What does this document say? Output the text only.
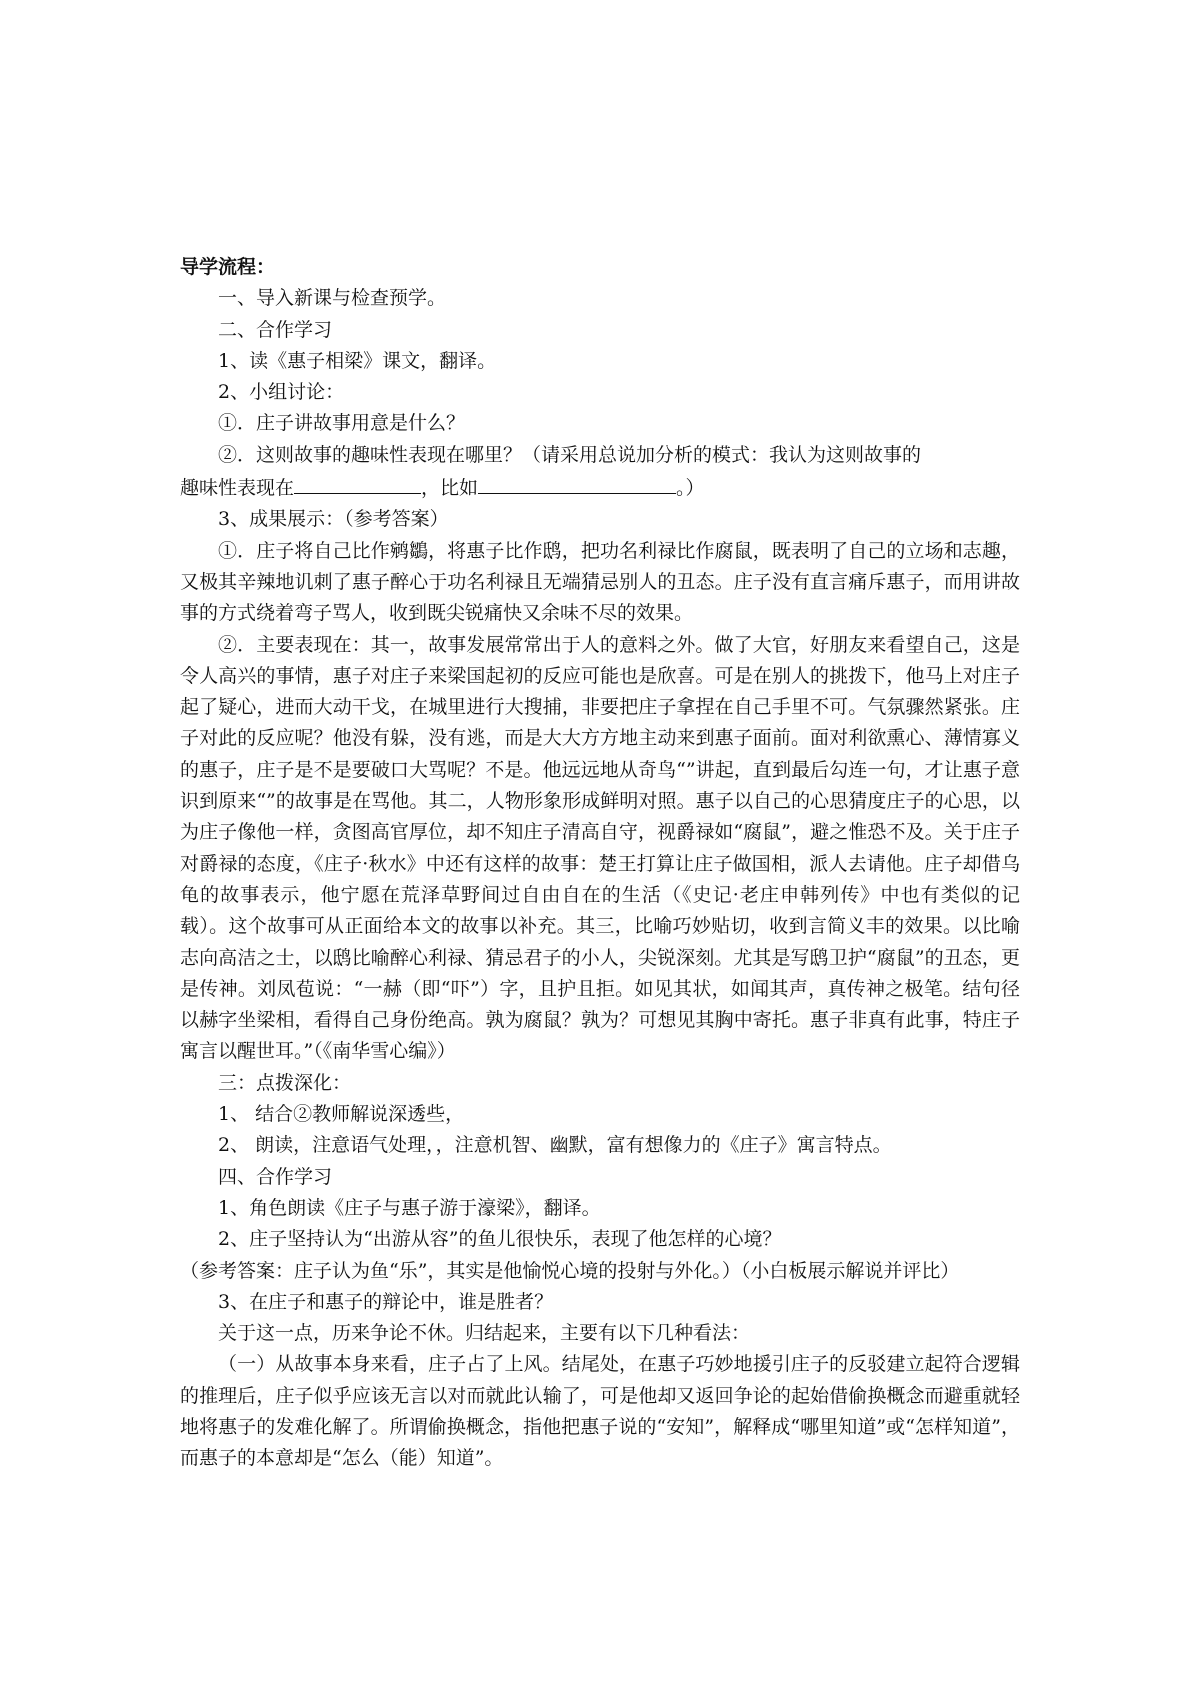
导学流程：

一、导入新课与检查预学。

二、合作学习

1、读《惠子相梁》课文，翻译。

2、小组讨论：

①．庄子讲故事用意是什么？

②．这则故事的趣味性表现在哪里？（请采用总说加分析的模式：我认为这则故事的

趣味性表现在	，比如	。）

3、成果展示：（参考答案）

①．庄子将自己比作鹓鶵，将惠子比作鸱，把功名利禄比作腐鼠，既表明了自己的立场和志趣，又极其辛辣地讥刺了惠子醉心于功名利禄且无端猜忌别人的丑态。庄子没有直言痛斥惠子，而用讲故事的方式绕着弯子骂人，收到既尖锐痛快又余味不尽的效果。

②．主要表现在：其一，故事发展常常出于人的意料之外。做了大官，好朋友来看望自己，这是令人高兴的事情，惠子对庄子来梁国起初的反应可能也是欣喜。可是在别人的挑拨下，他马上对庄子起了疑心，进而大动干戈，在城里进行大搜捕，非要把庄子拿捏在自己手里不可。气氛骤然紧张。庄子对此的反应呢？他没有躲，没有逃，而是大大方方地主动来到惠子面前。面对利欲熏心、薄情寡义的惠子，庄子是不是要破口大骂呢？不是。他远远地从奇鸟“”讲起，直到最后勾连一句，才让惠子意识到原来“”的故事是在骂他。其二，人物形象形成鲜明对照。惠子以自己的心思猜度庄子的心思，以为庄子像他一样，贪图高官厚位，却不知庄子清高自守，视爵禄如“腐鼠”，避之惟恐不及。关于庄子对爵禄的态度，《庄子·秋水》中还有这样的故事：楚王打算让庄子做国相，派人去请他。庄子却借乌龟的故事表示，他宁愿在荒泽草野间过自由自在的生活（《史记·老庄申韩列传》中也有类似的记载）。这个故事可从正面给本文的故事以补充。其三，比喻巧妙贴切，收到言简义丰的效果。以比喻志向高洁之士，以鸱比喻醉心利禄、猜忌君子的小人，尖锐深刻。尤其是写鸱卫护“腐鼠”的丑态，更是传神。刘凤苞说：“一赫（即“吓”）字，且护且拒。如见其状，如闻其声，真传神之极笔。结句径以赫字坐梁相，看得自己身份绝高。孰为腐鼠？孰为？可想见其胸中寄托。惠子非真有此事，特庄子寓言以醒世耳。”（《南华雪心编》）

三：点拨深化：

1、 结合②教师解说深透些，

2、 朗读，注意语气处理，，注意机智、幽默，富有想像力的《庄子》寓言特点。

四、合作学习

1、角色朗读《庄子与惠子游于濠梁》，翻译。

2、庄子坚持认为“出游从容”的鱼儿很快乐，表现了他怎样的心境？

（参考答案：庄子认为鱼“乐”，其实是他愉悦心境的投射与外化。）（小白板展示解说并评比）

3、在庄子和惠子的辩论中，谁是胜者？

关于这一点，历来争论不休。归结起来，主要有以下几种看法：

（一）从故事本身来看，庄子占了上风。结尾处，在惠子巧妙地援引庄子的反驳建立起符合逻辑的推理后，庄子似乎应该无言以对而就此认输了，可是他却又返回争论的起始借偷换概念而避重就轻地将惠子的发难化解了。所谓偷换概念，指他把惠子说的“安知”，解释成“哪里知道”或“怎样知道”，而惠子的本意却是“怎么（能）知道”。
